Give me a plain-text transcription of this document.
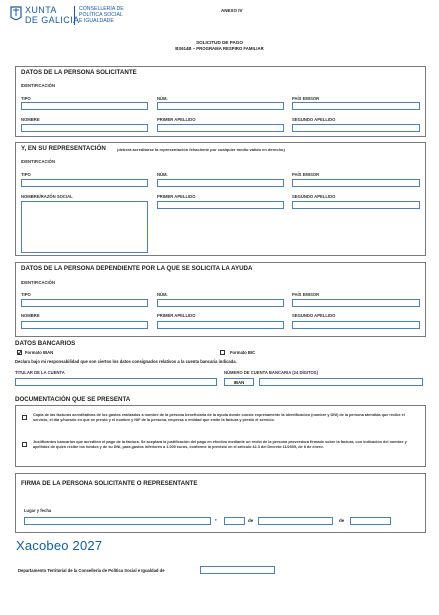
XUNTA
DE GALICIA
CONSELLERÍA DE
POLÍTICA SOCIAL
E IGUALDADE
ANEXO IV
SOLICITUD DE PAGO
BS614B – PROGRAMA RESPIRO FAMILIAR
DATOS DE LA PERSONA SOLICITANTE
IDENTIFICACIÓN
TIPO	NÚM.	PAÍS EMISOR
NOMBRE	PRIMER APELLIDO	SEGUNDO APELLIDO
Y, EN SU REPRESENTACIÓN	(deberá acreditarse la representación fehaciente por cualquier medio válido en derecho)
IDENTIFICACIÓN
TIPO	NÚM.	PAÍS EMISOR
NOMBRE/RAZÓN SOCIAL	PRIMER APELLIDO	SEGUNDO APELLIDO
DATOS DE LA PERSONA DEPENDIENTE POR LA QUE SE SOLICITA LA AYUDA
IDENTIFICACIÓN
TIPO	NÚM.	PAÍS EMISOR
NOMBRE	PRIMER APELLIDO	SEGUNDO APELLIDO
DATOS BANCARIOS
Formato IBAN	Formato BIC
Declara bajo mi responsabilidad que son ciertos los datos consignados relativos a la cuenta bancaria indicada.
TITULAR DE LA CUENTA	NÚMERO DE CUENTA BANCARIA (24 DÍGITOS)
IBAN
DOCUMENTACIÓN QUE SE PRESENTA
Copia de las facturas acreditativas de los gastos realizados a nombre de la persona beneficiaria de la ayuda donde conste expresamente la identificación (nombre y DNI) de la persona atendida que recibe el servicio, el día y/horario en que se prestó y el nombre y NIF de la persona, empresa o entidad que emite la factura y prestó el servicio.
Justificantes bancarios que acrediten el pago de la factura. Se aceptará la justificación del pago en efectivo mediante un recibí de la persona proveedora firmado sobre la factura, con indicación del nombre y apellidos de quien recibe los fondos y de su DNI, para gastos inferiores a 1.000 euros, conforme lo previsto en el artículo 42.3 del Decreto 11/2009, de 8 de enero.
FIRMA DE LA PERSONA SOLICITANTE O REPRESENTANTE
Lugar y fecha
,	de	de
Xacobeo 2027
Departamento Territorial de la Consellería de Política Social e Igualdad de
